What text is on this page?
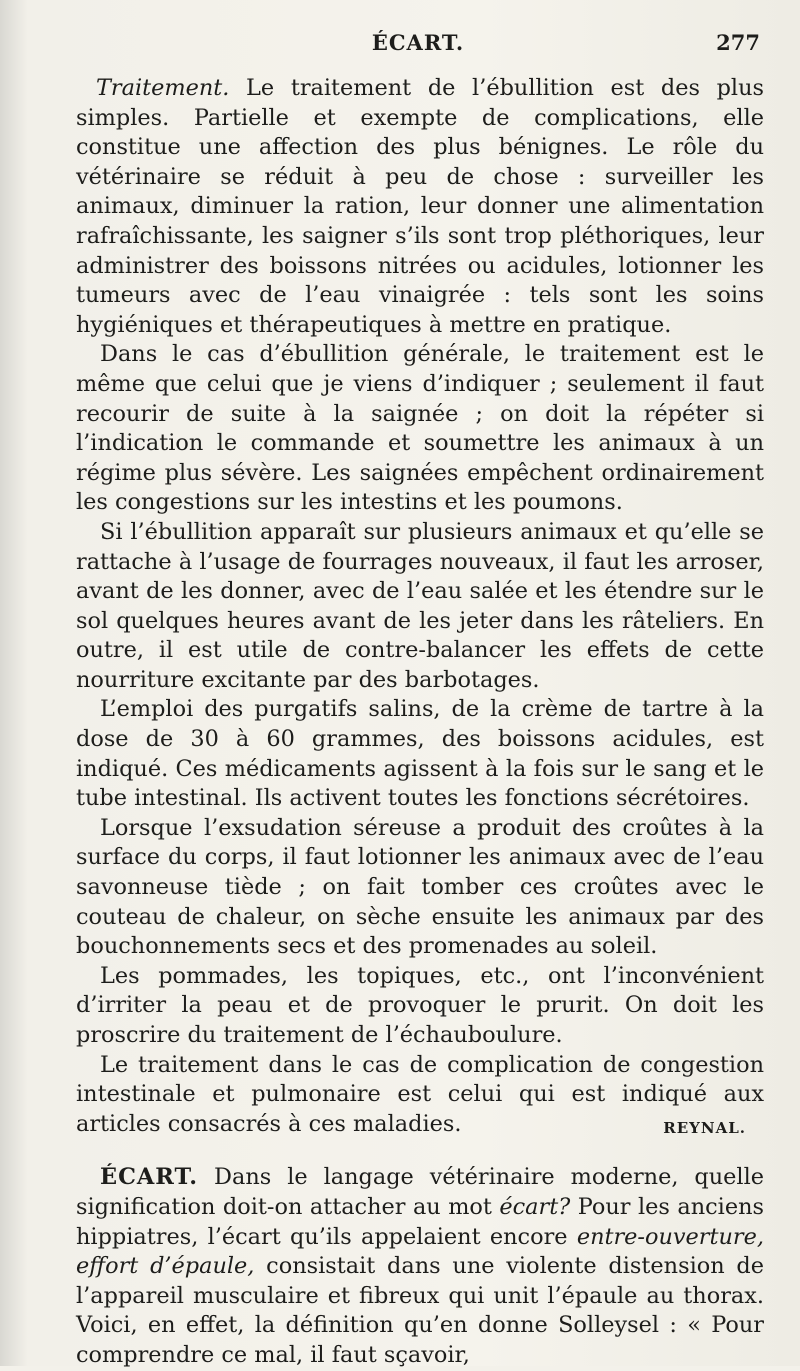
ÉCART.	277

Traitement. Le traitement de l’ébullition est des plus simples. Partielle et exempte de complications, elle constitue une affection des plus bénignes. Le rôle du vétérinaire se réduit à peu de chose : surveiller les animaux, diminuer la ration, leur donner une alimentation rafraîchissante, les saigner s’ils sont trop pléthoriques, leur administrer des boissons nitrées ou acidules, lotionner les tumeurs avec de l’eau vinaigrée : tels sont les soins hygiéniques et thérapeutiques à mettre en pratique.

Dans le cas d’ébullition générale, le traitement est le même que celui que je viens d’indiquer ; seulement il faut recourir de suite à la saignée ; on doit la répéter si l’indication le commande et soumettre les animaux à un régime plus sévère. Les saignées empêchent ordinairement les congestions sur les intestins et les poumons.

Si l’ébullition apparaît sur plusieurs animaux et qu’elle se rattache à l’usage de fourrages nouveaux, il faut les arroser, avant de les donner, avec de l’eau salée et les étendre sur le sol quelques heures avant de les jeter dans les râteliers. En outre, il est utile de contre-balancer les effets de cette nourriture excitante par des barbotages.

L’emploi des purgatifs salins, de la crème de tartre à la dose de 30 à 60 grammes, des boissons acidules, est indiqué. Ces médicaments agissent à la fois sur le sang et le tube intestinal. Ils activent toutes les fonctions sécrétoires.

Lorsque l’exsudation séreuse a produit des croûtes à la surface du corps, il faut lotionner les animaux avec de l’eau savonneuse tiède ; on fait tomber ces croûtes avec le couteau de chaleur, on sèche ensuite les animaux par des bouchonnements secs et des promenades au soleil.

Les pommades, les topiques, etc., ont l’inconvénient d’irriter la peau et de provoquer le prurit. On doit les proscrire du traitement de l’échauboulure.

Le traitement dans le cas de complication de congestion intestinale et pulmonaire est celui qui est indiqué aux articles consacrés à ces maladies.	REYNAL.

ÉCART. Dans le langage vétérinaire moderne, quelle signification doit-on attacher au mot écart? Pour les anciens hippiatres, l’écart qu’ils appelaient encore entre-ouverture, effort d’épaule, consistait dans une violente distension de l’appareil musculaire et fibreux qui unit l’épaule au thorax. Voici, en effet, la définition qu’en donne Solleysel : « Pour comprendre ce mal, il faut sçavoir,
